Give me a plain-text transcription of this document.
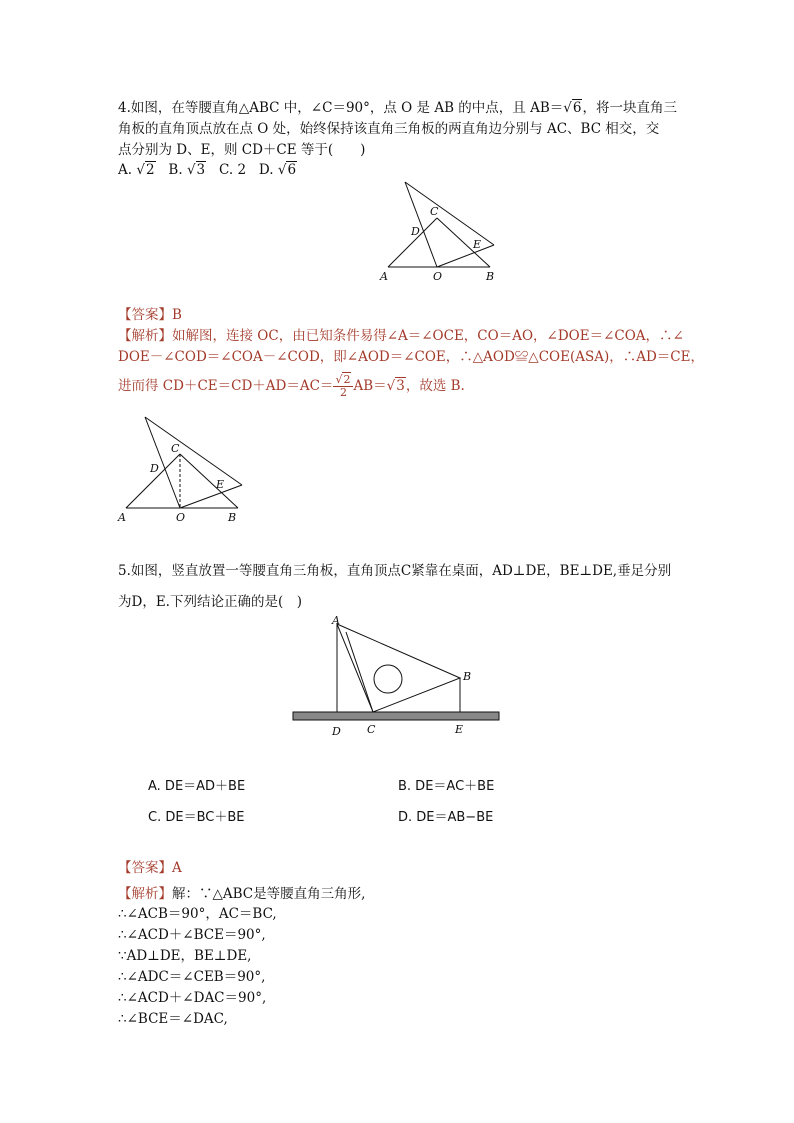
4.如图，在等腰直角△ABC 中，∠C＝90°，点 O 是 AB 的中点，且 AB＝√6，将一块直角三
角板的直角顶点放在点 O 处，始终保持该直角三角板的两直角边分别与 AC、BC 相交，交
点分别为 D、E，则 CD＋CE 等于(　　)
A. √2 B. √3 C. 2 D. √6
A	O	B
C
D
E
【答案】B
【解析】如解图，连接 OC，由已知条件易得∠A＝∠OCE，CO＝AO，∠DOE＝∠COA，∴∠
DOE－∠COD＝∠COA－∠COD，即∠AOD＝∠COE，∴△AOD≌△COE(ASA)，∴AD＝CE，
进而得 $CD+CE=CD+AD=AC= \frac{√2}{2} AB=√3$，故选 B.
A	O	B
C
D
E
5.如图，竖直放置一等腰直角三角板，直角顶点C紧靠在桌面，AD⊥DE，BE⊥DE,垂足分别
为D，E.下列结论正确的是(　)
A
B
C
D	E
A. DE＝AD＋BE	B. DE＝AC＋BE
C. DE＝BC＋BE	D. DE＝AB−BE
【答案】A
【解析】解：∵△ABC是等腰直角三角形,
∴∠ACB＝90°，AC＝BC,
∴∠ACD＋∠BCE＝90°,
∵AD⊥DE，BE⊥DE,
∴∠ADC＝∠CEB＝90°,
∴∠ACD＋∠DAC＝90°,
∴∠BCE＝∠DAC,
